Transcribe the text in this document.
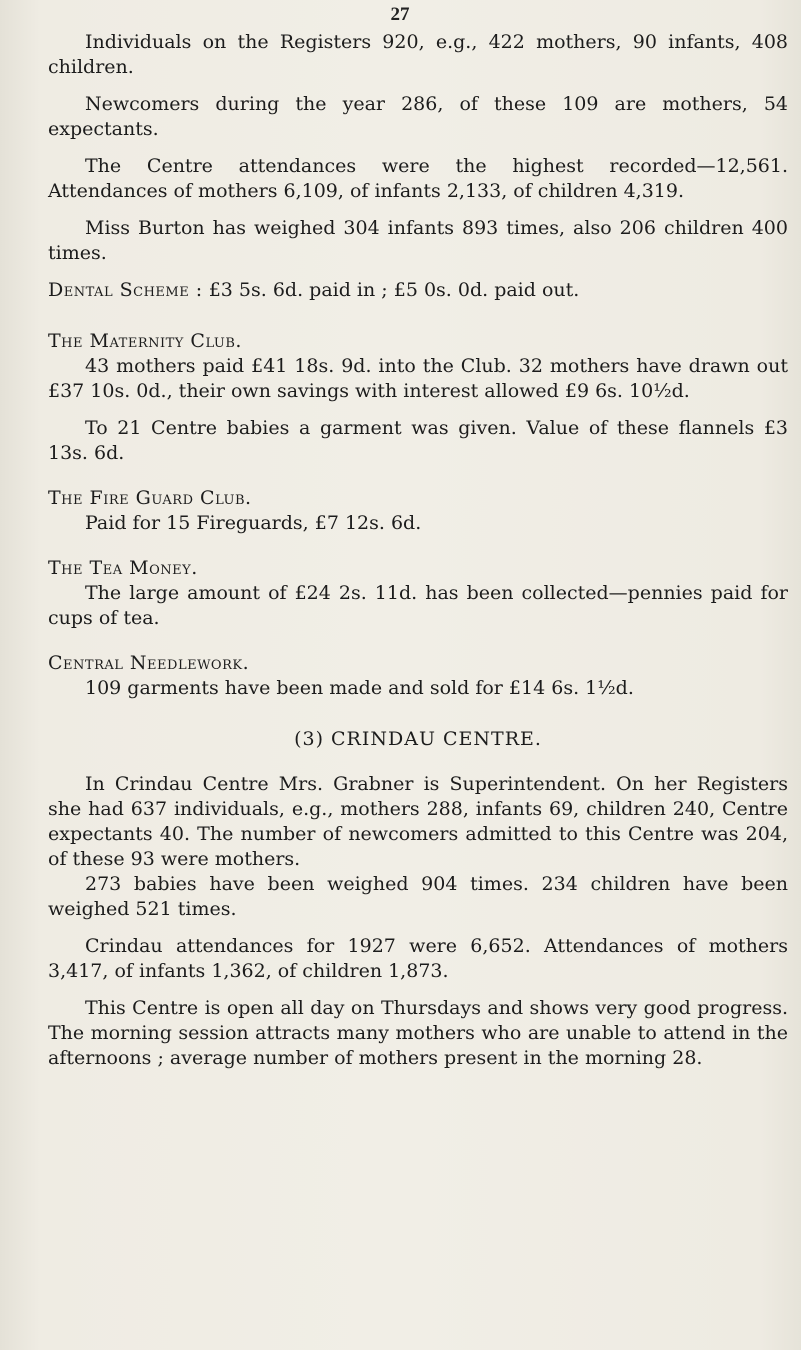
27

Individuals on the Registers 920, e.g., 422 mothers, 90 infants, 408 children.

Newcomers during the year 286, of these 109 are mothers, 54 expectants.

The Centre attendances were the highest recorded—12,561. Attendances of mothers 6,109, of infants 2,133, of children 4,319.

Miss Burton has weighed 304 infants 893 times, also 206 children 400 times.

Dental Scheme : £3 5s. 6d. paid in ; £5 0s. 0d. paid out.

The Maternity Club.

43 mothers paid £41 18s. 9d. into the Club. 32 mothers have drawn out £37 10s. 0d., their own savings with interest allowed £9 6s. 10½d.

To 21 Centre babies a garment was given. Value of these flannels £3 13s. 6d.

The Fire Guard Club.

Paid for 15 Fireguards, £7 12s. 6d.

The Tea Money.

The large amount of £24 2s. 11d. has been collected—pennies paid for cups of tea.

Central Needlework.

109 garments have been made and sold for £14 6s. 1½d.

(3) CRINDAU CENTRE.

In Crindau Centre Mrs. Grabner is Superintendent. On her Registers she had 637 individuals, e.g., mothers 288, infants 69, children 240, Centre expectants 40. The number of newcomers admitted to this Centre was 204, of these 93 were mothers.

273 babies have been weighed 904 times. 234 children have been weighed 521 times.

Crindau attendances for 1927 were 6,652. Attendances of mothers 3,417, of infants 1,362, of children 1,873.

This Centre is open all day on Thursdays and shows very good progress. The morning session attracts many mothers who are unable to attend in the afternoons ; average number of mothers present in the morning 28.
